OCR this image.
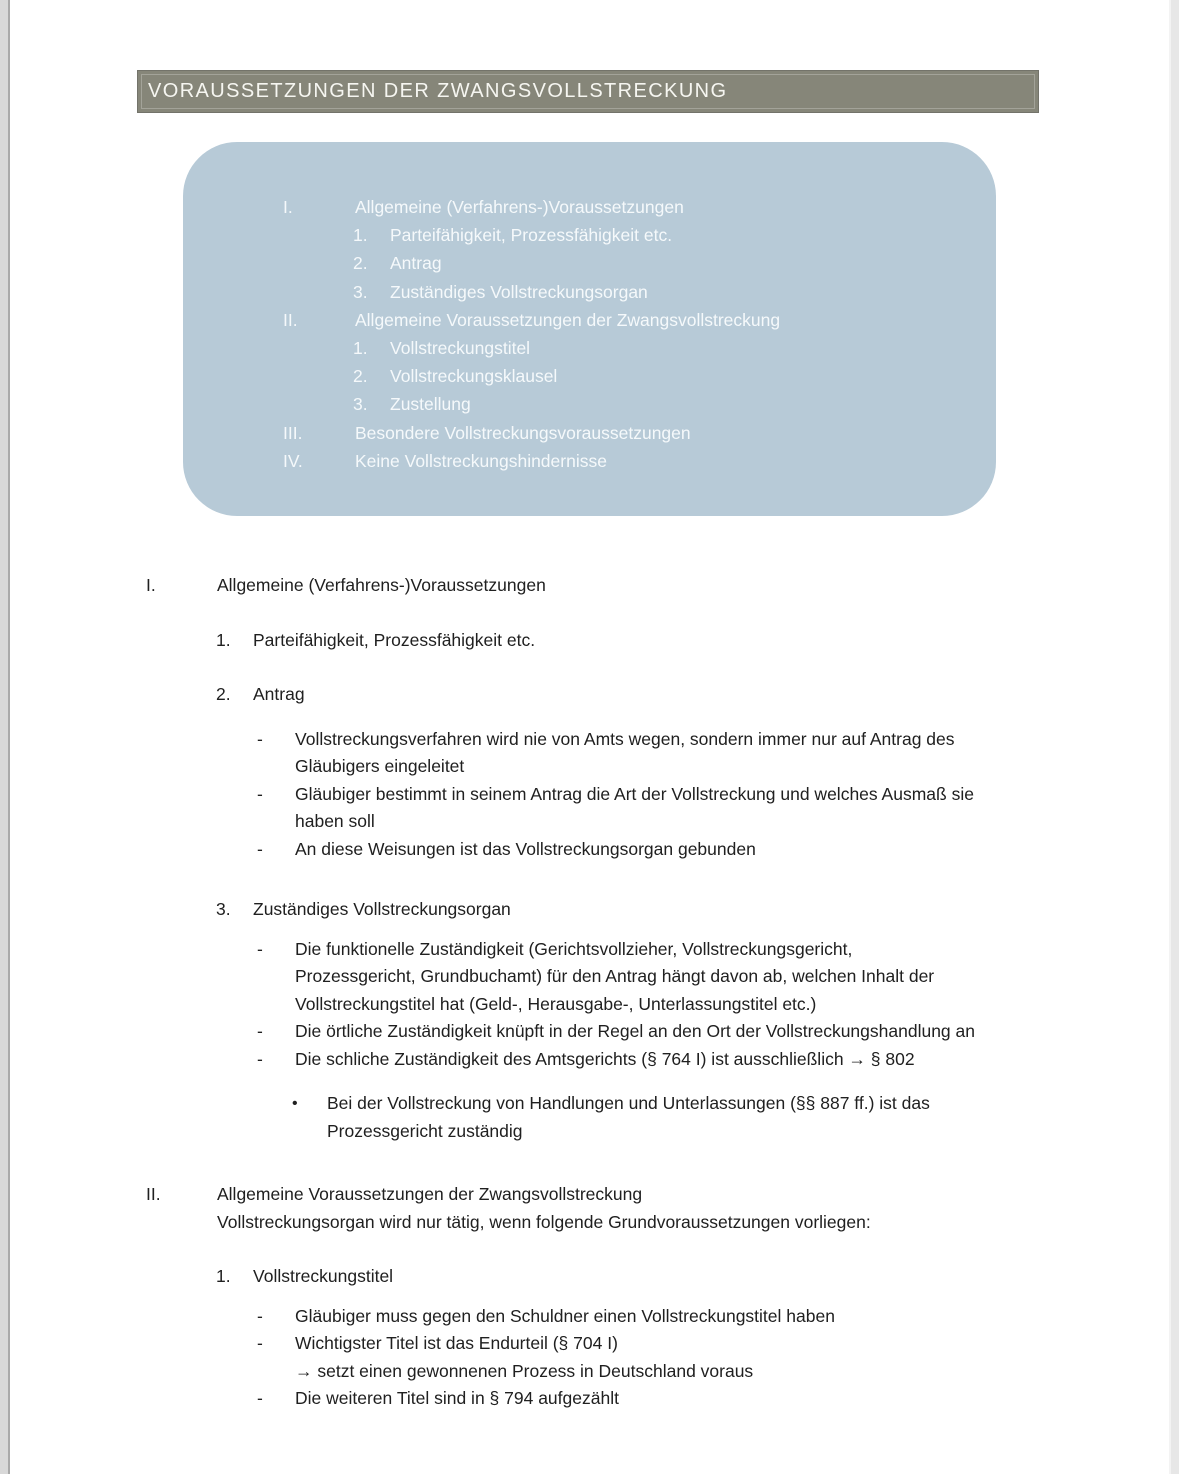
VORAUSSETZUNGEN DER ZWANGSVOLLSTRECKUNG
I.	Allgemeine (Verfahrens-)Voraussetzungen
1.	Parteifähigkeit, Prozessfähigkeit etc.
2.	Antrag
3.	Zuständiges Vollstreckungsorgan
II.	Allgemeine Voraussetzungen der Zwangsvollstreckung
1.	Vollstreckungstitel
2.	Vollstreckungsklausel
3.	Zustellung
III.	Besondere Vollstreckungsvoraussetzungen
IV.	Keine Vollstreckungshindernisse
I.	Allgemeine (Verfahrens-)Voraussetzungen
1.	Parteifähigkeit, Prozessfähigkeit etc.
2.	Antrag
-	Vollstreckungsverfahren wird nie von Amts wegen, sondern immer nur auf Antrag des
Gläubigers eingeleitet
-	Gläubiger bestimmt in seinem Antrag die Art der Vollstreckung und welches Ausmaß sie
haben soll
-	An diese Weisungen ist das Vollstreckungsorgan gebunden
3.	Zuständiges Vollstreckungsorgan
-	Die funktionelle Zuständigkeit (Gerichtsvollzieher, Vollstreckungsgericht,
Prozessgericht, Grundbuchamt) für den Antrag hängt davon ab, welchen Inhalt der
Vollstreckungstitel hat (Geld-, Herausgabe-, Unterlassungstitel etc.)
-	Die örtliche Zuständigkeit knüpft in der Regel an den Ort der Vollstreckungshandlung an
-	Die schliche Zuständigkeit des Amtsgerichts (§ 764 I) ist ausschließlich → § 802
•	Bei der Vollstreckung von Handlungen und Unterlassungen (§§ 887 ff.) ist das
Prozessgericht zuständig
II.	Allgemeine Voraussetzungen der Zwangsvollstreckung
Vollstreckungsorgan wird nur tätig, wenn folgende Grundvoraussetzungen vorliegen:
1.	Vollstreckungstitel
-	Gläubiger muss gegen den Schuldner einen Vollstreckungstitel haben
-	Wichtigster Titel ist das Endurteil (§ 704 I)
→ setzt einen gewonnenen Prozess in Deutschland voraus
-	Die weiteren Titel sind in § 794 aufgezählt
